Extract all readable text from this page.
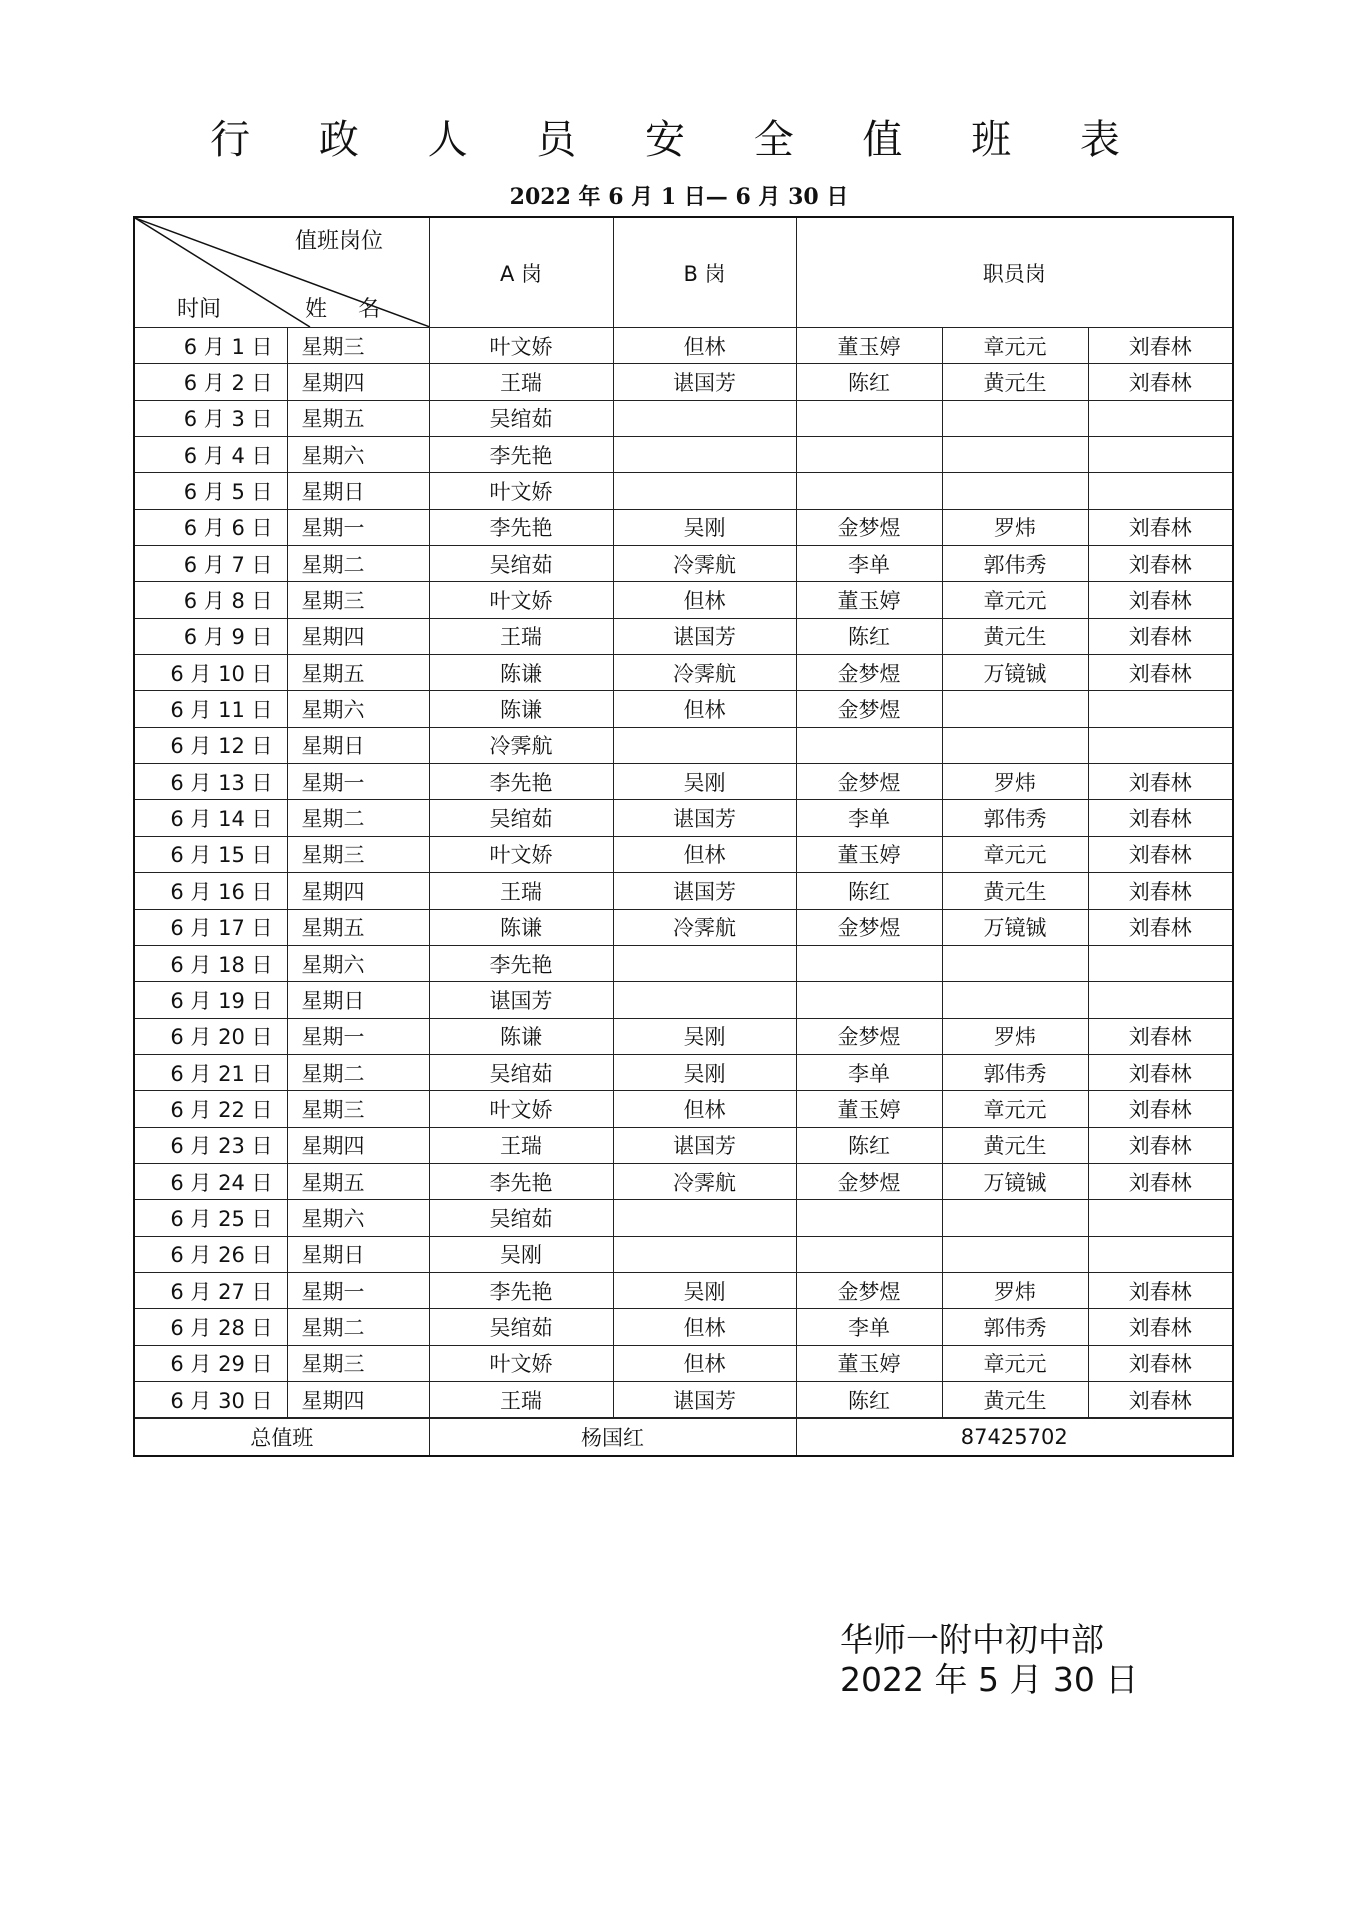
行 政 人 员 安 全 值 班 表
2022 年 6 月 1 日— 6 月 30 日
值班岗位
时间 姓 名		A 岗	B 岗	职员岗		
6 月 1 日	星期三	叶文娇	但林	董玉婷	章元元	刘春林
6 月 2 日	星期四	王瑞	谌国芳	陈红	黄元生	刘春林
6 月 3 日	星期五	吴绾茹				
6 月 4 日	星期六	李先艳				
6 月 5 日	星期日	叶文娇				
6 月 6 日	星期一	李先艳	吴刚	金梦煜	罗炜	刘春林
6 月 7 日	星期二	吴绾茹	冷霁航	李单	郭伟秀	刘春林
6 月 8 日	星期三	叶文娇	但林	董玉婷	章元元	刘春林
6 月 9 日	星期四	王瑞	谌国芳	陈红	黄元生	刘春林
6 月 10 日	星期五	陈谦	冷霁航	金梦煜	万镜铖	刘春林
6 月 11 日	星期六	陈谦	但林	金梦煜		
6 月 12 日	星期日	冷霁航				
6 月 13 日	星期一	李先艳	吴刚	金梦煜	罗炜	刘春林
6 月 14 日	星期二	吴绾茹	谌国芳	李单	郭伟秀	刘春林
6 月 15 日	星期三	叶文娇	但林	董玉婷	章元元	刘春林
6 月 16 日	星期四	王瑞	谌国芳	陈红	黄元生	刘春林
6 月 17 日	星期五	陈谦	冷霁航	金梦煜	万镜铖	刘春林
6 月 18 日	星期六	李先艳				
6 月 19 日	星期日	谌国芳				
6 月 20 日	星期一	陈谦	吴刚	金梦煜	罗炜	刘春林
6 月 21 日	星期二	吴绾茹	吴刚	李单	郭伟秀	刘春林
6 月 22 日	星期三	叶文娇	但林	董玉婷	章元元	刘春林
6 月 23 日	星期四	王瑞	谌国芳	陈红	黄元生	刘春林
6 月 24 日	星期五	李先艳	冷霁航	金梦煜	万镜铖	刘春林
6 月 25 日	星期六	吴绾茹				
6 月 26 日	星期日	吴刚				
6 月 27 日	星期一	李先艳	吴刚	金梦煜	罗炜	刘春林
6 月 28 日	星期二	吴绾茹	但林	李单	郭伟秀	刘春林
6 月 29 日	星期三	叶文娇	但林	董玉婷	章元元	刘春林
6 月 30 日	星期四	王瑞	谌国芳	陈红	黄元生	刘春林

总值班		杨国红		87425702		
华师一附中初中部
2022 年 5 月 30 日
